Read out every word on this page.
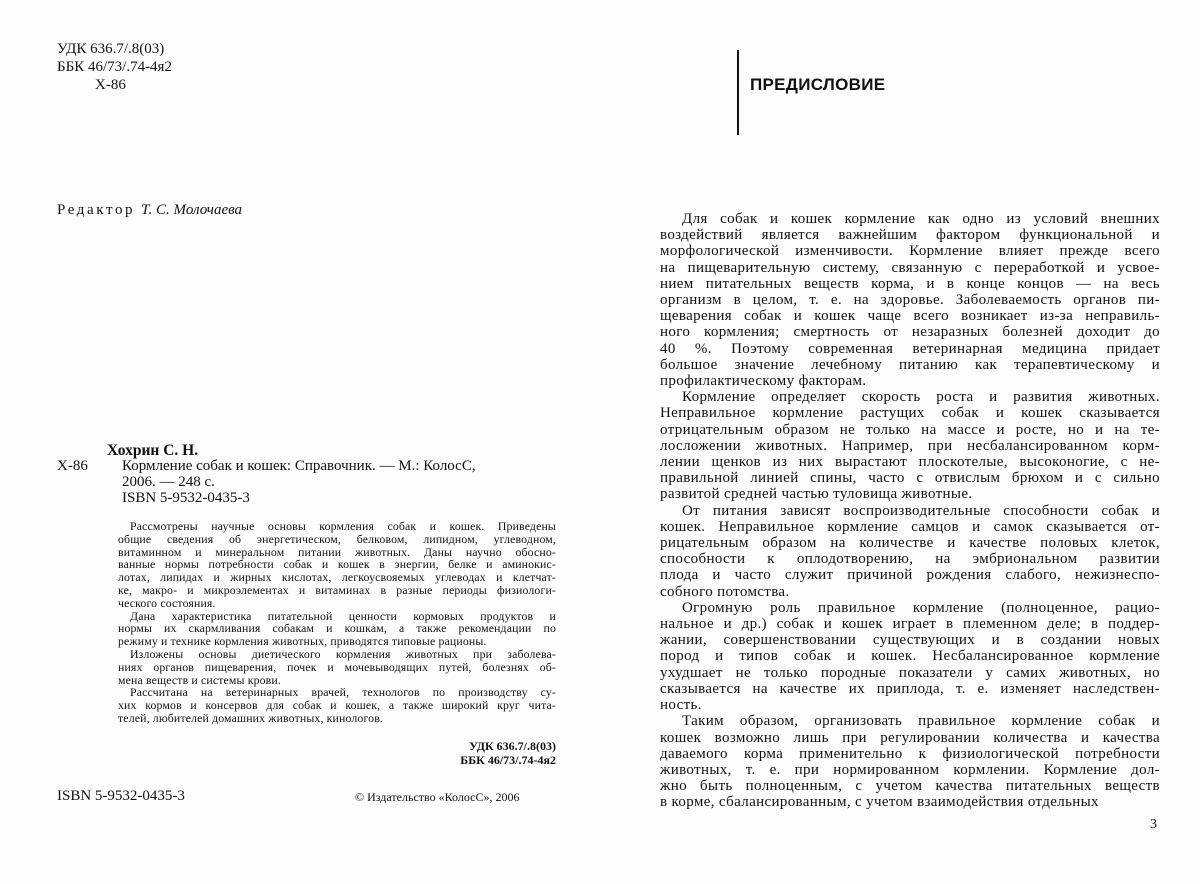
УДК 636.7/.8(03)
ББК 46/73/.74-4я2
Х-86
Редактор Т. С. Молочаева
Хохрин С. Н.
Х-86 Кормление собак и кошек: Справочник. — М.: КолосС,
2006. — 248 с.
ISBN 5-9532-0435-3
Рассмотрены научные основы кормления собак и кошек. Приведены
общие сведения об энергетическом, белковом, липидном, углеводном,
витаминном и минеральном питании животных. Даны научно обосно-
ванные нормы потребности собак и кошек в энергии, белке и аминокис-
лотах, липидах и жирных кислотах, легкоусвояемых углеводах и клетчат-
ке, макро- и микроэлементах и витаминах в разные периоды физиологи-
ческого состояния.
Дана характеристика питательной ценности кормовых продуктов и
нормы их скармливания собакам и кошкам, а также рекомендации по
режиму и технике кормления животных, приводятся типовые рационы.
Изложены основы диетического кормления животных при заболева-
ниях органов пищеварения, почек и мочевыводящих путей, болезнях об-
мена веществ и системы крови.
Рассчитана на ветеринарных врачей, технологов по производству су-
хих кормов и консервов для собак и кошек, а также широкий круг чита-
телей, любителей домашних животных, кинологов.
УДК 636.7/.8(03)
ББК 46/73/.74-4я2
ISBN 5-9532-0435-3	© Издательство «КолосС», 2006
ПРЕДИСЛОВИЕ
Для собак и кошек кормление как одно из условий внешних
воздействий является важнейшим фактором функциональной и
морфологической изменчивости. Кормление влияет прежде всего
на пищеварительную систему, связанную с переработкой и усвое-
нием питательных веществ корма, и в конце концов — на весь
организм в целом, т. е. на здоровье. Заболеваемость органов пи-
щеварения собак и кошек чаще всего возникает из-за неправиль-
ного кормления; смертность от незаразных болезней доходит до
40 %. Поэтому современная ветеринарная медицина придает
большое значение лечебному питанию как терапевтическому и
профилактическому факторам.
Кормление определяет скорость роста и развития животных.
Неправильное кормление растущих собак и кошек сказывается
отрицательным образом не только на массе и росте, но и на те-
лосложении животных. Например, при несбалансированном корм-
лении щенков из них вырастают плоскотелые, высоконогие, с не-
правильной линией спины, часто с отвислым брюхом и с сильно
развитой средней частью туловища животные.
От питания зависят воспроизводительные способности собак и
кошек. Неправильное кормление самцов и самок сказывается от-
рицательным образом на количестве и качестве половых клеток,
способности к оплодотворению, на эмбриональном развитии
плода и часто служит причиной рождения слабого, нежизнеспо-
собного потомства.
Огромную роль правильное кормление (полноценное, рацио-
нальное и др.) собак и кошек играет в племенном деле; в поддер-
жании, совершенствовании существующих и в создании новых
пород и типов собак и кошек. Несбалансированное кормление
ухудшает не только породные показатели у самих животных, но
сказывается на качестве их приплода, т. е. изменяет наследствен-
ность.
Таким образом, организовать правильное кормление собак и
кошек возможно лишь при регулировании количества и качества
даваемого корма применительно к физиологической потребности
животных, т. е. при нормированном кормлении. Кормление дол-
жно быть полноценным, с учетом качества питательных веществ
в корме, сбалансированным, с учетом взаимодействия отдельных
3
